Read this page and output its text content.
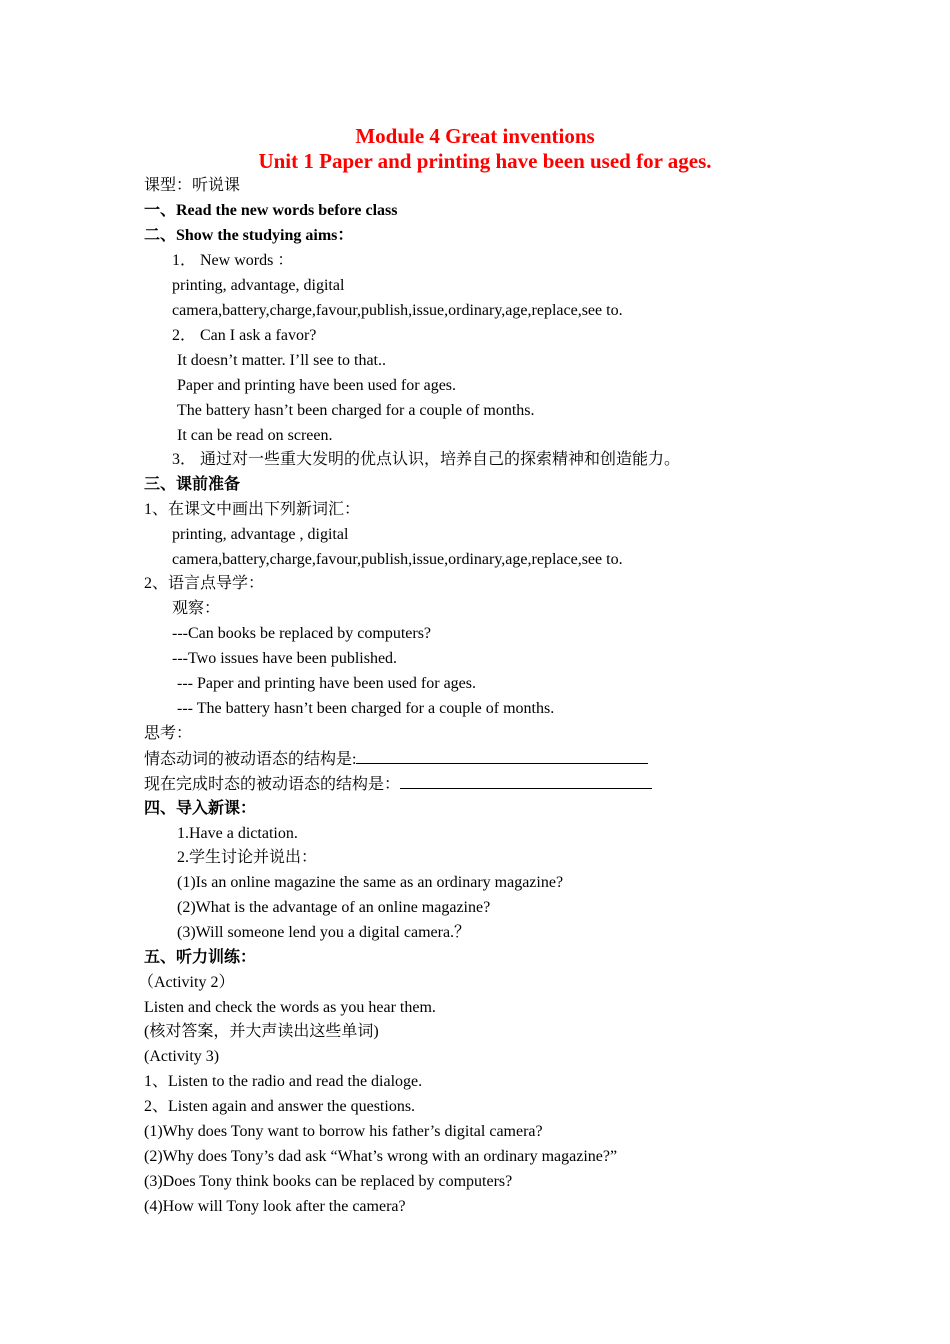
Module 4 Great inventions
Unit 1 Paper and printing have been used for ages.
课型：听说课
一、Read the new words before class
二、Show the studying aims：
1． New words ：
printing, advantage, digital
camera,battery,charge,favour,publish,issue,ordinary,age,replace,see to.
2． Can I ask a favor?
It doesn’t matter. I’ll see to that..
Paper and printing have been used for ages.
The battery hasn’t been charged for a couple of months.
It can be read on screen.
3． 通过对一些重大发明的优点认识，培养自己的探索精神和创造能力。
三、课前准备
1、在课文中画出下列新词汇：
printing, advantage , digital
camera,battery,charge,favour,publish,issue,ordinary,age,replace,see to.
2、语言点导学：
观察：
---Can books be replaced by computers?
---Two issues have been published.
--- Paper and printing have been used for ages.
--- The battery hasn’t been charged for a couple of months.
思考：
情态动词的被动语态的结构是:
现在完成时态的被动语态的结构是：
四、导入新课：
1.Have a dictation.
2.学生讨论并说出：
(1)Is an online magazine the same as an ordinary magazine?
(2)What is the advantage of an online magazine?
(3)Will someone lend you a digital camera.？
五、听力训练：
（Activity 2）
Listen and check the words as you hear them.
(核对答案，并大声读出这些单词)
(Activity 3)
1、Listen to the radio and read the dialoge.
2、Listen again and answer the questions.
(1)Why does Tony want to borrow his father’s digital camera?
(2)Why does Tony’s dad ask “What’s wrong with an ordinary magazine?”
(3)Does Tony think books can be replaced by computers?
(4)How will Tony look after the camera?
